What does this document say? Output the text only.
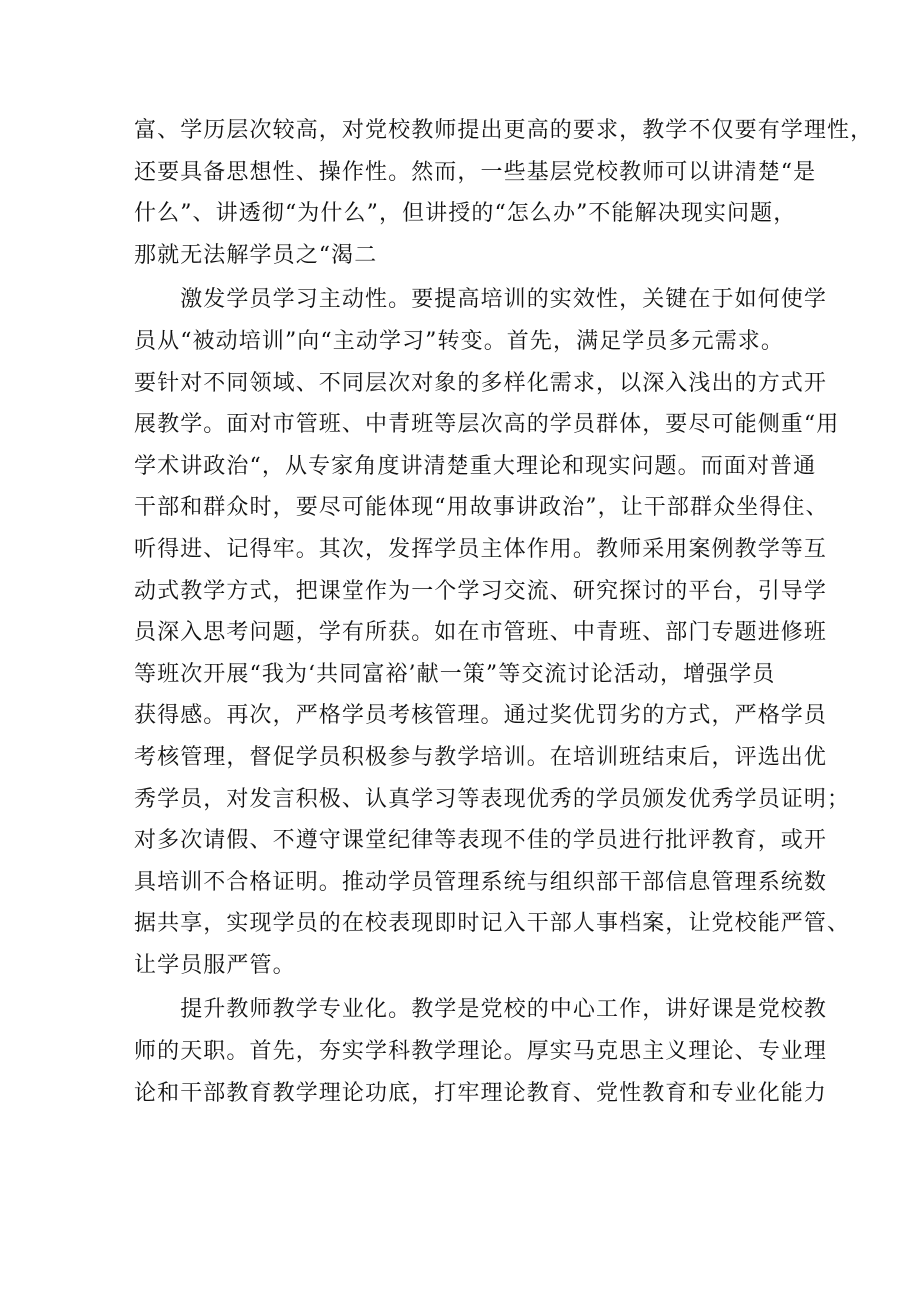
富、学历层次较高，对党校教师提出更高的要求，教学不仅要有学理性，
还要具备思想性、操作性。然而，一些基层党校教师可以讲清楚“是
什么”、讲透彻“为什么”，但讲授的“怎么办”不能解决现实问题，
那就无法解学员之“渴二
　　激发学员学习主动性。要提高培训的实效性，关键在于如何使学
员从“被动培训”向“主动学习”转变。首先，满足学员多元需求。
要针对不同领域、不同层次对象的多样化需求，以深入浅出的方式开
展教学。面对市管班、中青班等层次高的学员群体，要尽可能侧重“用
学术讲政治“，从专家角度讲清楚重大理论和现实问题。而面对普通
干部和群众时，要尽可能体现“用故事讲政治”，让干部群众坐得住、
听得进、记得牢。其次，发挥学员主体作用。教师采用案例教学等互
动式教学方式，把课堂作为一个学习交流、研究探讨的平台，引导学
员深入思考问题，学有所获。如在市管班、中青班、部门专题进修班
等班次开展“我为‘共同富裕’献一策”等交流讨论活动，增强学员
获得感。再次，严格学员考核管理。通过奖优罚劣的方式，严格学员
考核管理，督促学员积极参与教学培训。在培训班结束后，评选出优
秀学员，对发言积极、认真学习等表现优秀的学员颁发优秀学员证明；
对多次请假、不遵守课堂纪律等表现不佳的学员进行批评教育，或开
具培训不合格证明。推动学员管理系统与组织部干部信息管理系统数
据共享，实现学员的在校表现即时记入干部人事档案，让党校能严管、
让学员服严管。
　　提升教师教学专业化。教学是党校的中心工作，讲好课是党校教
师的天职。首先，夯实学科教学理论。厚实马克思主义理论、专业理
论和干部教育教学理论功底，打牢理论教育、党性教育和专业化能力
